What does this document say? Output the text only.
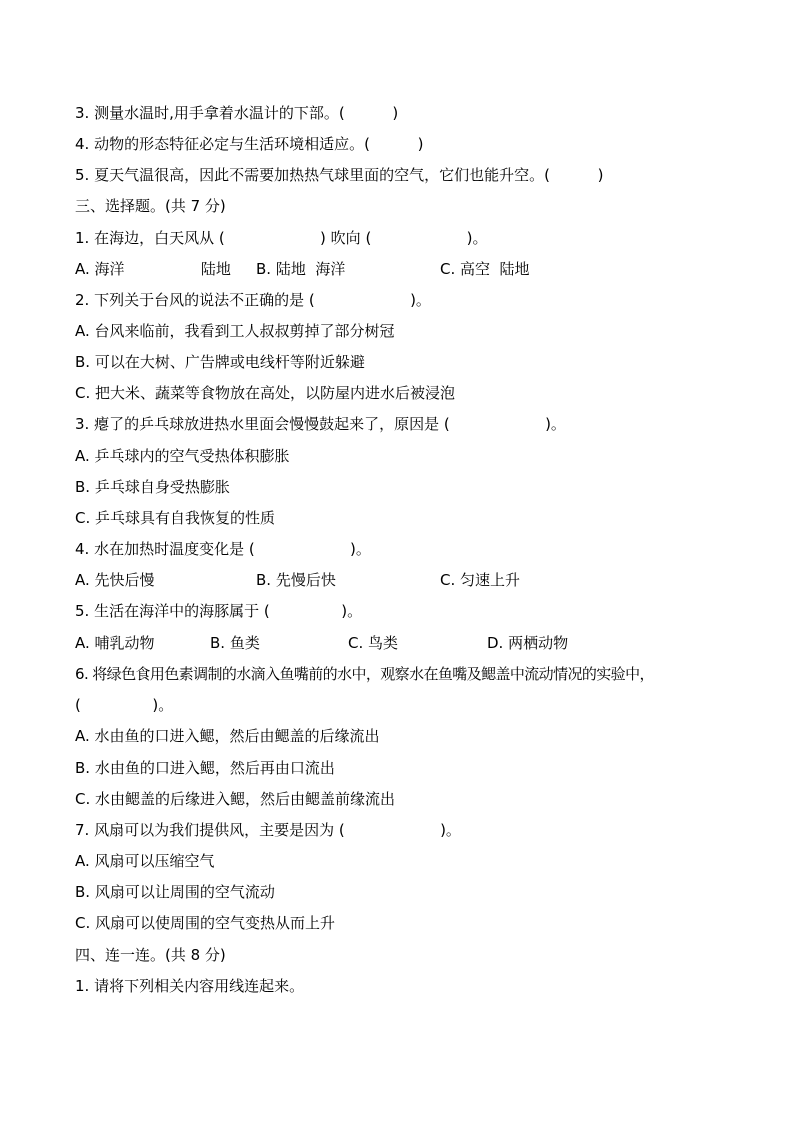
3. 测量水温时,用手拿着水温计的下部。(          )
4. 动物的形态特征必定与生活环境相适应。(          )
5. 夏天气温很高，因此不需要加热热气球里面的空气，它们也能升空。(          )
三、选择题。(共 7 分)
1. 在海边，白天风从 (                    ) 吹向 (                    )。
A. 海洋                陆地 B. 陆地  海洋	C. 高空  陆地
2. 下列关于台风的说法不正确的是 (                    )。
A. 台风来临前，我看到工人叔叔剪掉了部分树冠
B. 可以在大树、广告牌或电线杆等附近躲避
C. 把大米、蔬菜等食物放在高处，以防屋内进水后被浸泡
3. 瘪了的乒乓球放进热水里面会慢慢鼓起来了，原因是 (                    )。
A. 乒乓球内的空气受热体积膨胀
B. 乒乓球自身受热膨胀
C. 乒乓球具有自我恢复的性质
4. 水在加热时温度变化是 (                    )。
A. 先快后慢	B. 先慢后快	C. 匀速上升
5. 生活在海洋中的海豚属于 (               )。
A. 哺乳动物	B. 鱼类	C. 鸟类	D. 两栖动物
6. 将绿色食用色素调制的水滴入鱼嘴前的水中，观察水在鱼嘴及鳃盖中流动情况的实验中，
(               )。
A. 水由鱼的口进入鳃，然后由鳃盖的后缘流出
B. 水由鱼的口进入鳃，然后再由口流出
C. 水由鳃盖的后缘进入鳃，然后由鳃盖前缘流出
7. 风扇可以为我们提供风，主要是因为 (                    )。
A. 风扇可以压缩空气
B. 风扇可以让周围的空气流动
C. 风扇可以使周围的空气变热从而上升
四、连一连。(共 8 分)
1. 请将下列相关内容用线连起来。
